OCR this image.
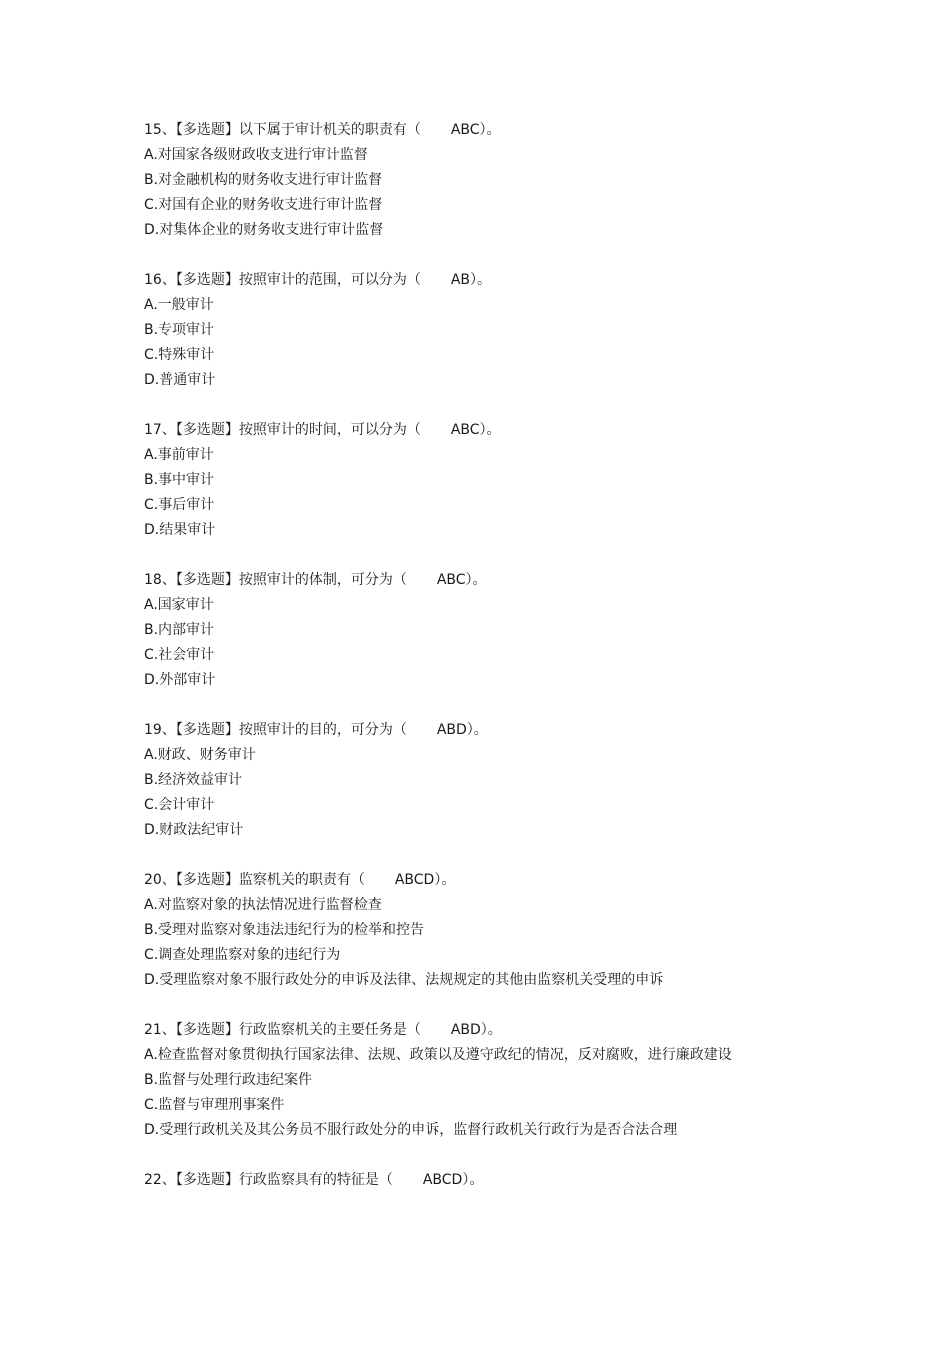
15、【多选题】以下属于审计机关的职责有（ ABC）。
A.对国家各级财政收支进行审计监督
B.对金融机构的财务收支进行审计监督
C.对国有企业的财务收支进行审计监督
D.对集体企业的财务收支进行审计监督
16、【多选题】按照审计的范围，可以分为（ AB）。
A.一般审计
B.专项审计
C.特殊审计
D.普通审计
17、【多选题】按照审计的时间，可以分为（ ABC）。
A.事前审计
B.事中审计
C.事后审计
D.结果审计
18、【多选题】按照审计的体制，可分为（ ABC）。
A.国家审计
B.内部审计
C.社会审计
D.外部审计
19、【多选题】按照审计的目的，可分为（ ABD）。
A.财政、财务审计
B.经济效益审计
C.会计审计
D.财政法纪审计
20、【多选题】监察机关的职责有（ ABCD）。
A.对监察对象的执法情况进行监督检查
B.受理对监察对象违法违纪行为的检举和控告
C.调查处理监察对象的违纪行为
D.受理监察对象不服行政处分的申诉及法律、法规规定的其他由监察机关受理的申诉
21、【多选题】行政监察机关的主要任务是（ ABD）。
A.检查监督对象贯彻执行国家法律、法规、政策以及遵守政纪的情况，反对腐败，进行廉政建设
B.监督与处理行政违纪案件
C.监督与审理刑事案件
D.受理行政机关及其公务员不服行政处分的申诉，监督行政机关行政行为是否合法合理
22、【多选题】行政监察具有的特征是（ ABCD）。
